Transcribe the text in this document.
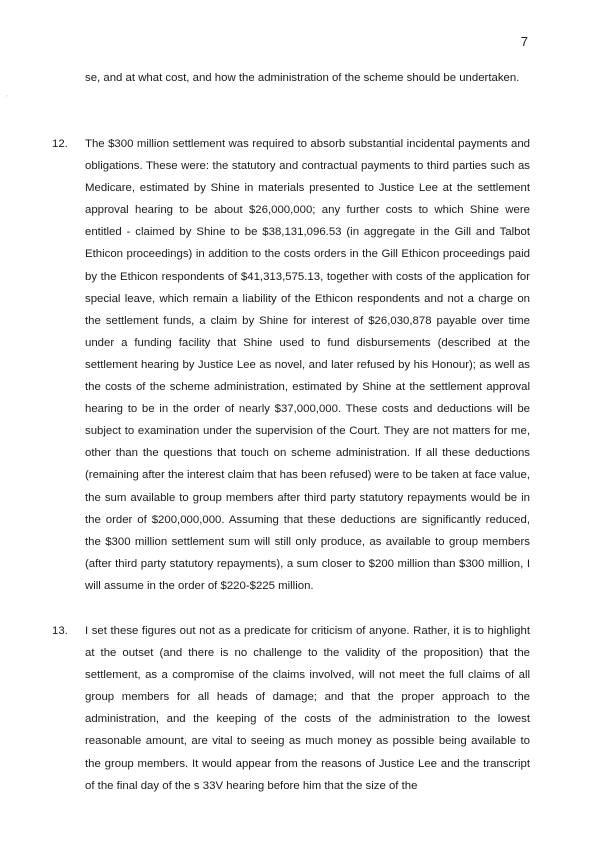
7
´

se, and at what cost, and how the administration of the scheme should be undertaken.

12. The $300 million settlement was required to absorb substantial incidental payments and obligations. These were: the statutory and contractual payments to third parties such as Medicare, estimated by Shine in materials presented to Justice Lee at the settlement approval hearing to be about $26,000,000; any further costs to which Shine were entitled - claimed by Shine to be $38,131,096.53 (in aggregate in the Gill and Talbot Ethicon proceedings) in addition to the costs orders in the Gill Ethicon proceedings paid by the Ethicon respondents of $41,313,575.13, together with costs of the application for special leave, which remain a liability of the Ethicon respondents and not a charge on the settlement funds, a claim by Shine for interest of $26,030,878 payable over time under a funding facility that Shine used to fund disbursements (described at the settlement hearing by Justice Lee as novel, and later refused by his Honour); as well as the costs of the scheme administration, estimated by Shine at the settlement approval hearing to be in the order of nearly $37,000,000. These costs and deductions will be subject to examination under the supervision of the Court. They are not matters for me, other than the questions that touch on scheme administration. If all these deductions (remaining after the interest claim that has been refused) were to be taken at face value, the sum available to group members after third party statutory repayments would be in the order of $200,000,000. Assuming that these deductions are significantly reduced, the $300 million settlement sum will still only produce, as available to group members (after third party statutory repayments), a sum closer to $200 million than $300 million, I will assume in the order of $220-$225 million.

13. I set these figures out not as a predicate for criticism of anyone. Rather, it is to highlight at the outset (and there is no challenge to the validity of the proposition) that the settlement, as a compromise of the claims involved, will not meet the full claims of all group members for all heads of damage; and that the proper approach to the administration, and the keeping of the costs of the administration to the lowest reasonable amount, are vital to seeing as much money as possible being available to the group members. It would appear from the reasons of Justice Lee and the transcript of the final day of the s 33V hearing before him that the size of the
